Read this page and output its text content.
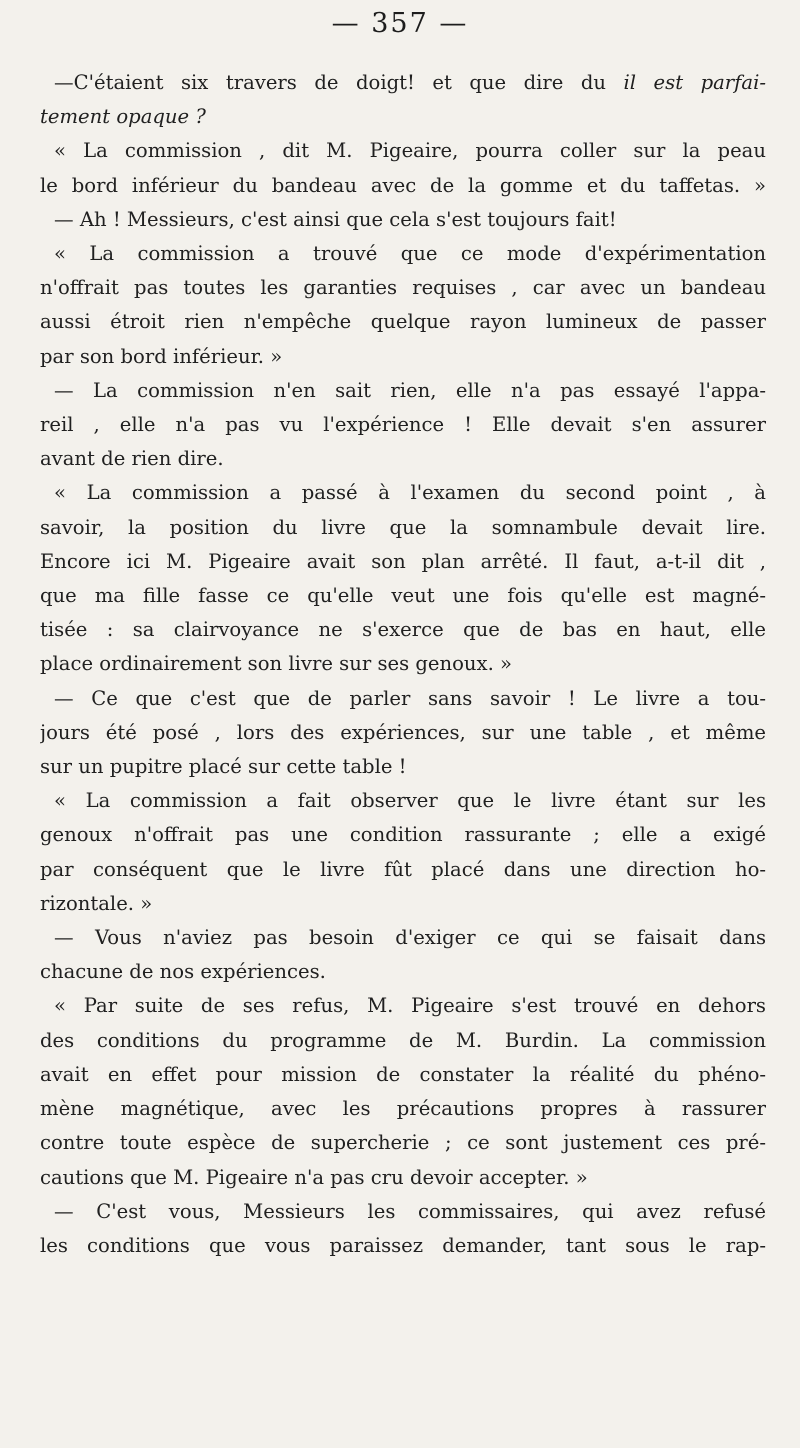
— 357 —
—C'étaient six travers de doigt! et que dire du il est parfai-
tement opaque ?
« La commission , dit M. Pigeaire, pourra coller sur la peau
le bord inférieur du bandeau avec de la gomme et du taffetas. »
— Ah ! Messieurs, c'est ainsi que cela s'est toujours fait!
« La commission a trouvé que ce mode d'expérimentation
n'offrait pas toutes les garanties requises , car avec un bandeau
aussi étroit rien n'empêche quelque rayon lumineux de passer
par son bord inférieur. »
— La commission n'en sait rien, elle n'a pas essayé l'appa-
reil , elle n'a pas vu l'expérience ! Elle devait s'en assurer
avant de rien dire.
« La commission a passé à l'examen du second point , à
savoir, la position du livre que la somnambule devait lire.
Encore ici M. Pigeaire avait son plan arrêté. Il faut, a-t-il dit ,
que ma fille fasse ce qu'elle veut une fois qu'elle est magné-
tisée : sa clairvoyance ne s'exerce que de bas en haut, elle
place ordinairement son livre sur ses genoux. »
— Ce que c'est que de parler sans savoir ! Le livre a tou-
jours été posé , lors des expériences, sur une table , et même
sur un pupitre placé sur cette table !
« La commission a fait observer que le livre étant sur les
genoux n'offrait pas une condition rassurante ; elle a exigé
par conséquent que le livre fût placé dans une direction ho-
rizontale. »
— Vous n'aviez pas besoin d'exiger ce qui se faisait dans
chacune de nos expériences.
« Par suite de ses refus, M. Pigeaire s'est trouvé en dehors
des conditions du programme de M. Burdin. La commission
avait en effet pour mission de constater la réalité du phéno-
mène magnétique, avec les précautions propres à rassurer
contre toute espèce de supercherie ; ce sont justement ces pré-
cautions que M. Pigeaire n'a pas cru devoir accepter. »
— C'est vous, Messieurs les commissaires, qui avez refusé
les conditions que vous paraissez demander, tant sous le rap-
